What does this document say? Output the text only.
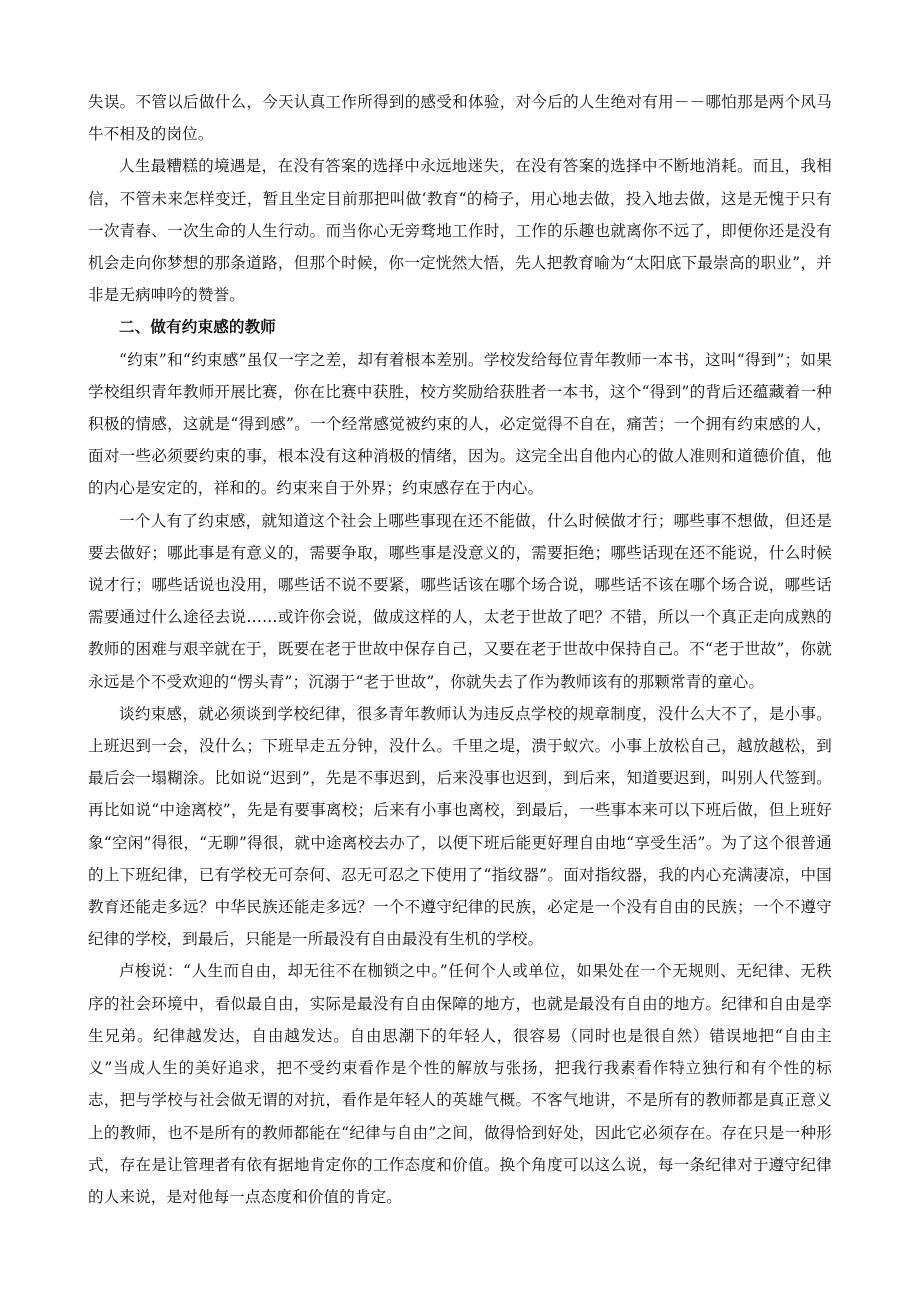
失误。不管以后做什么，今天认真工作所得到的感受和体验，对今后的人生绝对有用－－哪怕那是两个风马牛不相及的岗位。

人生最糟糕的境遇是，在没有答案的选择中永远地迷失，在没有答案的选择中不断地消耗。而且，我相信，不管未来怎样变迁，暂且坐定目前那把叫做‘教育“的椅子，用心地去做，投入地去做，这是无愧于只有一次青春、一次生命的人生行动。而当你心无旁骛地工作时，工作的乐趣也就离你不远了，即便你还是没有机会走向你梦想的那条道路，但那个时候，你一定恍然大悟，先人把教育喻为“太阳底下最崇高的职业”，并非是无病呻吟的赞誉。

二、做有约束感的教师

“约束”和“约束感”虽仅一字之差，却有着根本差别。学校发给每位青年教师一本书，这叫“得到”；如果学校组织青年教师开展比赛，你在比赛中获胜，校方奖励给获胜者一本书，这个“得到”的背后还蕴藏着一种积极的情感，这就是“得到感”。一个经常感觉被约束的人，必定觉得不自在，痛苦；一个拥有约束感的人，面对一些必须要约束的事，根本没有这种消极的情绪，因为。这完全出自他内心的做人准则和道德价值，他的内心是安定的，祥和的。约束来自于外界；约束感存在于内心。

一个人有了约束感，就知道这个社会上哪些事现在还不能做，什么时候做才行；哪些事不想做，但还是要去做好；哪此事是有意义的，需要争取，哪些事是没意义的，需要拒绝；哪些话现在还不能说，什么时候说才行；哪些话说也没用，哪些话不说不要紧，哪些话该在哪个场合说，哪些话不该在哪个场合说，哪些话需要通过什么途径去说……或许你会说，做成这样的人，太老于世故了吧？不错，所以一个真正走向成熟的教师的困难与艰辛就在于，既要在老于世故中保存自己，又要在老于世故中保持自己。不“老于世故”，你就永远是个不受欢迎的“愣头青”；沉溺于“老于世故”，你就失去了作为教师该有的那颗常青的童心。

谈约束感，就必须谈到学校纪律，很多青年教师认为违反点学校的规章制度，没什么大不了，是小事。上班迟到一会，没什么；下班早走五分钟，没什么。千里之堤，溃于蚁穴。小事上放松自己，越放越松，到最后会一塌糊涂。比如说“迟到”，先是不事迟到，后来没事也迟到，到后来，知道要迟到，叫别人代签到。再比如说“中途离校”，先是有要事离校；后来有小事也离校，到最后，一些事本来可以下班后做，但上班好象“空闲”得很，“无聊”得很，就中途离校去办了，以便下班后能更好理自由地“享受生活”。为了这个很普通的上下班纪律，已有学校无可奈何、忍无可忍之下使用了“指纹器”。面对指纹器，我的内心充满凄凉，中国教育还能走多远？中华民族还能走多远？一个不遵守纪律的民族，必定是一个没有自由的民族；一个不遵守纪律的学校，到最后，只能是一所最没有自由最没有生机的学校。

卢梭说：“人生而自由，却无往不在枷锁之中。”任何个人或单位，如果处在一个无规则、无纪律、无秩序的社会环境中，看似最自由，实际是最没有自由保障的地方，也就是最没有自由的地方。纪律和自由是孪生兄弟。纪律越发达，自由越发达。自由思潮下的年轻人，很容易（同时也是很自然）错误地把“自由主义”当成人生的美好追求，把不受约束看作是个性的解放与张扬，把我行我素看作特立独行和有个性的标志，把与学校与社会做无谓的对抗，看作是年轻人的英雄气概。不客气地讲，不是所有的教师都是真正意义上的教师，也不是所有的教师都能在“纪律与自由”之间，做得恰到好处，因此它必须存在。存在只是一种形式，存在是让管理者有依有据地肯定你的工作态度和价值。换个角度可以这么说，每一条纪律对于遵守纪律的人来说，是对他每一点态度和价值的肯定。
